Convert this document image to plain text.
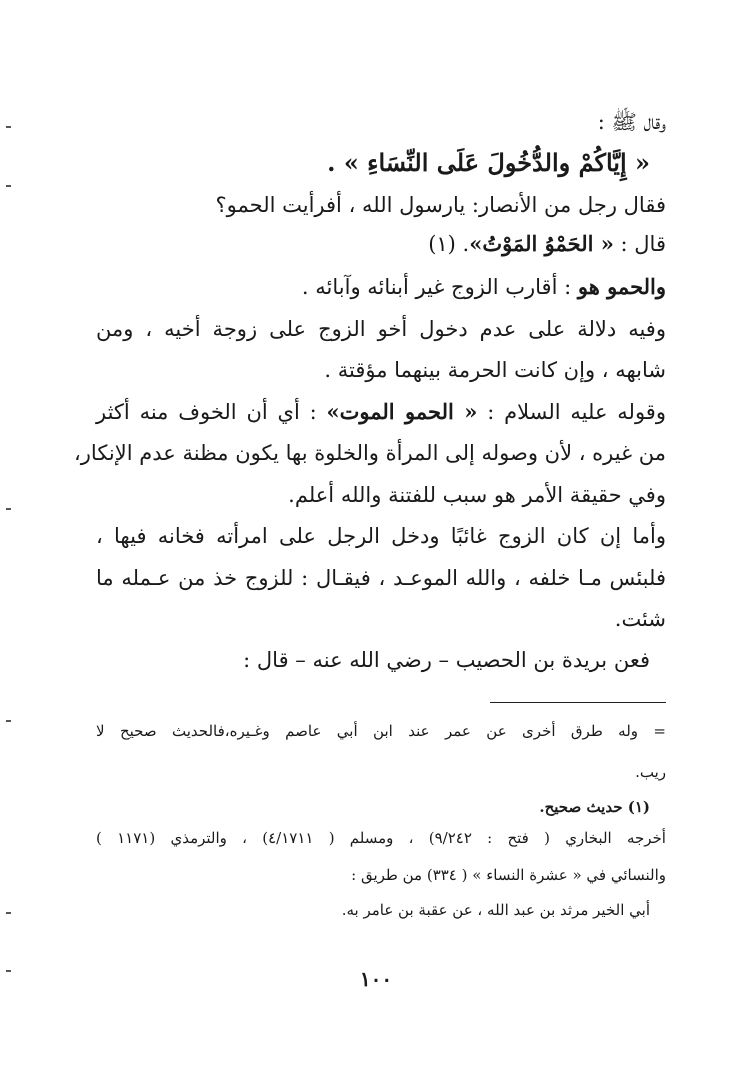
وقال ﷺ :
« إِيَّاكُمْ والدُّخُولَ عَلَى النِّسَاءِ » .
فقال رجل من الأنصار: يارسول الله ، أفرأيت الحمو؟
قال : « الحَمْوُ المَوْتُ». (١)
والحمو هو : أقارب الزوج غير أبنائه وآبائه .
وفيه دلالة على عدم دخول أخو الزوج على زوجة أخيه ، ومن
شابهه ، وإن كانت الحرمة بينهما مؤقتة .
وقوله عليه السلام : « الحمو الموت» : أي أن الخوف منه أكثر
من غيره ، لأن وصوله إلى المرأة والخلوة بها يكون مظنة عدم الإنكار،
وفي حقيقة الأمر هو سبب للفتنة والله أعلم.
وأما إن كان الزوج غائبًا ودخل الرجل على امرأته فخانه فيها ،
فلبئس مـا خلفه ، والله الموعـد ، فيقـال : للزوج خذ من عـمله ما
شئت.
فعن بريدة بن الحصيب – رضي الله عنه – قال :
= وله طرق أخرى عن عمر عند ابن أبي عاصم وغـيره،فالحديث صحيح لا
ريب.
(١) حديث صحيح.
أخرجه البخاري ( فتح : ٩/٢٤٢) ، ومسلم ( ٤/١٧١١) ، والترمذي (١١٧١ )
والنسائي في « عشرة النساء » ( ٣٣٤) من طريق :
أبي الخير مرثد بن عبد الله ، عن عقبة بن عامر به.
١٠٠
